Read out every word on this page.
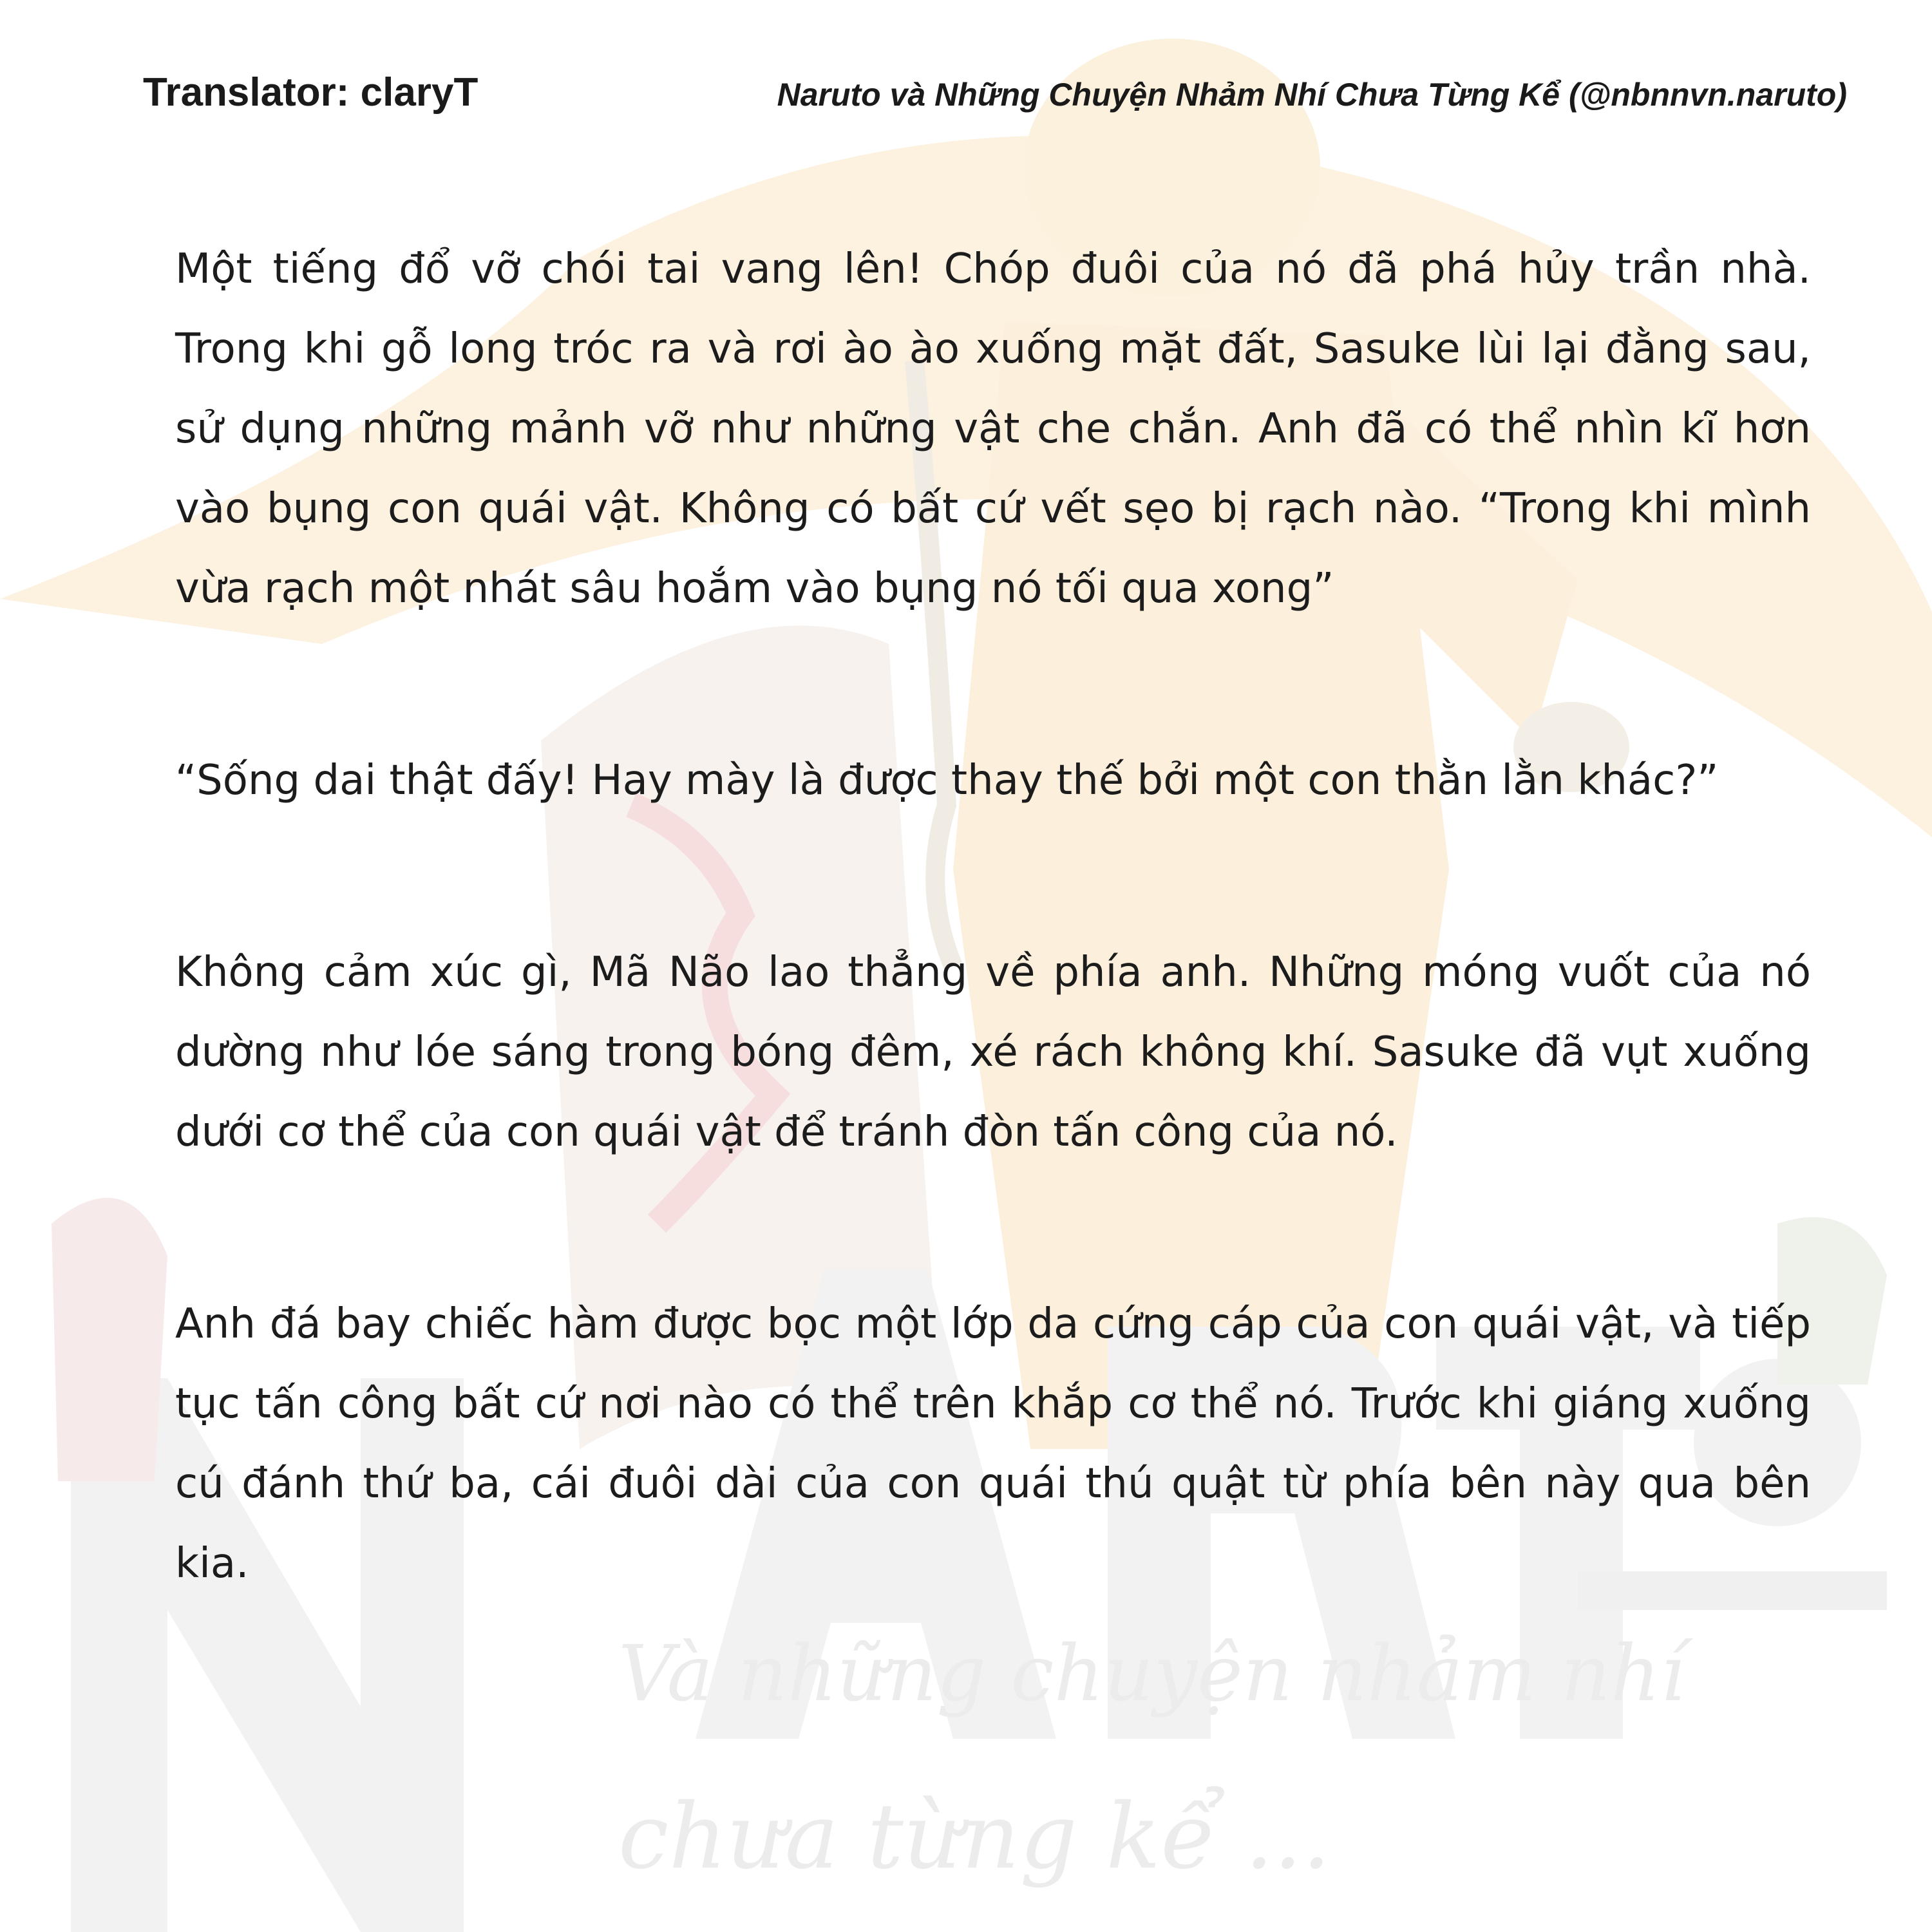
Và những chuyện nhảm nhí
chưa từng kể ...
Translator: claryT	Naruto và Những Chuyện Nhảm Nhí Chưa Từng Kể (@nbnnvn.naruto)

Một tiếng đổ vỡ chói tai vang lên! Chóp đuôi của nó đã phá hủy trần nhà. Trong khi gỗ long tróc ra và rơi ào ào xuống mặt đất, Sasuke lùi lại đằng sau, sử dụng những mảnh vỡ như những vật che chắn. Anh đã có thể nhìn kĩ hơn vào bụng con quái vật. Không có bất cứ vết sẹo bị rạch nào. “Trong khi mình vừa rạch một nhát sâu hoắm vào bụng nó tối qua xong”

“Sống dai thật đấy! Hay mày là được thay thế bởi một con thằn lằn khác?”

Không cảm xúc gì, Mã Não lao thẳng về phía anh. Những móng vuốt của nó dường như lóe sáng trong bóng đêm, xé rách không khí. Sasuke đã vụt xuống dưới cơ thể của con quái vật để tránh đòn tấn công của nó.

Anh đá bay chiếc hàm được bọc một lớp da cứng cáp của con quái vật, và tiếp tục tấn công bất cứ nơi nào có thể trên khắp cơ thể nó. Trước khi giáng xuống cú đánh thứ ba, cái đuôi dài của con quái thú quật từ phía bên này qua bên kia.
